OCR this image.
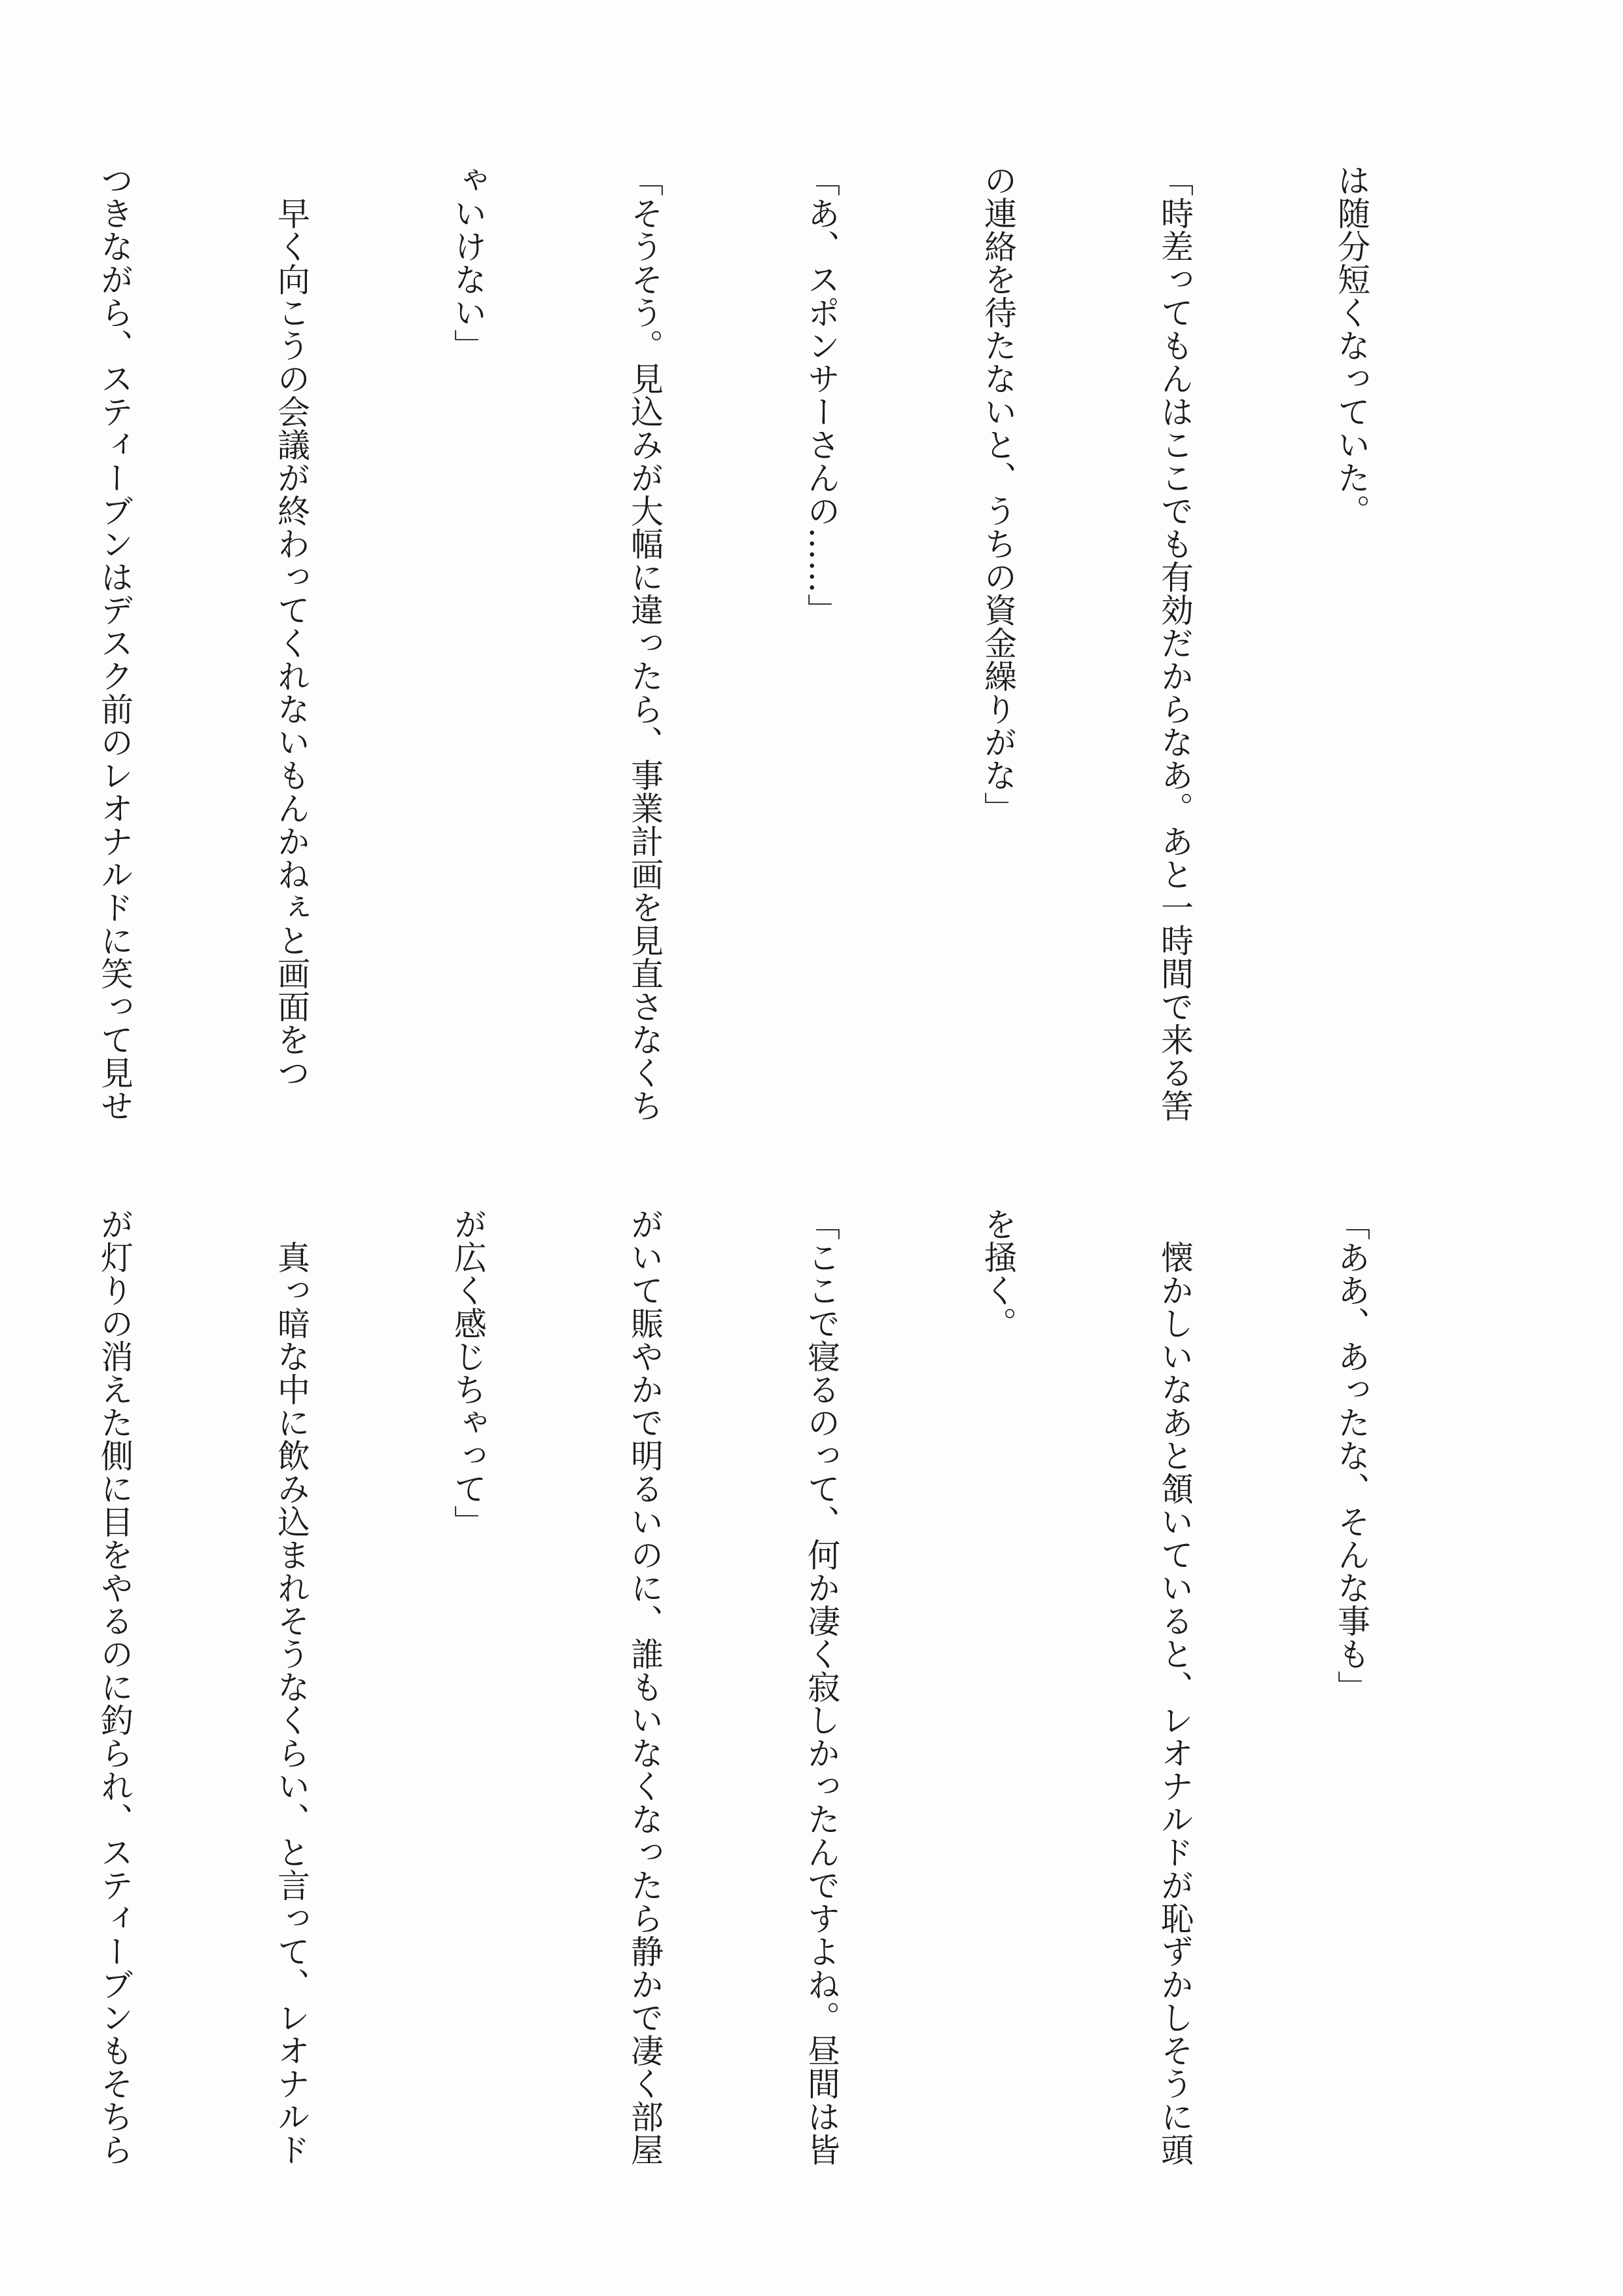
は随分短くなっていた。

「時差ってもんはここでも有効だからなあ。あと一時間で来る筈

の連絡を待たないと、うちの資金繰りがな」

「あ、スポンサーさんの……」

「そうそう。見込みが大幅に違ったら、事業計画を見直さなくち

ゃいけない」

　早く向こうの会議が終わってくれないもんかねぇと画面をつ

つきながら、スティーブンはデスク前のレオナルドに笑って見せ

「ああ、あったな、そんな事も」

　懐かしいなあと頷いていると、レオナルドが恥ずかしそうに頭

を掻く。

「ここで寝るのって、何か凄く寂しかったんですよね。昼間は皆

がいて賑やかで明るいのに、誰もいなくなったら静かで凄く部屋

が広く感じちゃって」

　真っ暗な中に飲み込まれそうなくらい、と言って、レオナルド

が灯りの消えた側に目をやるのに釣られ、スティーブンもそちら
